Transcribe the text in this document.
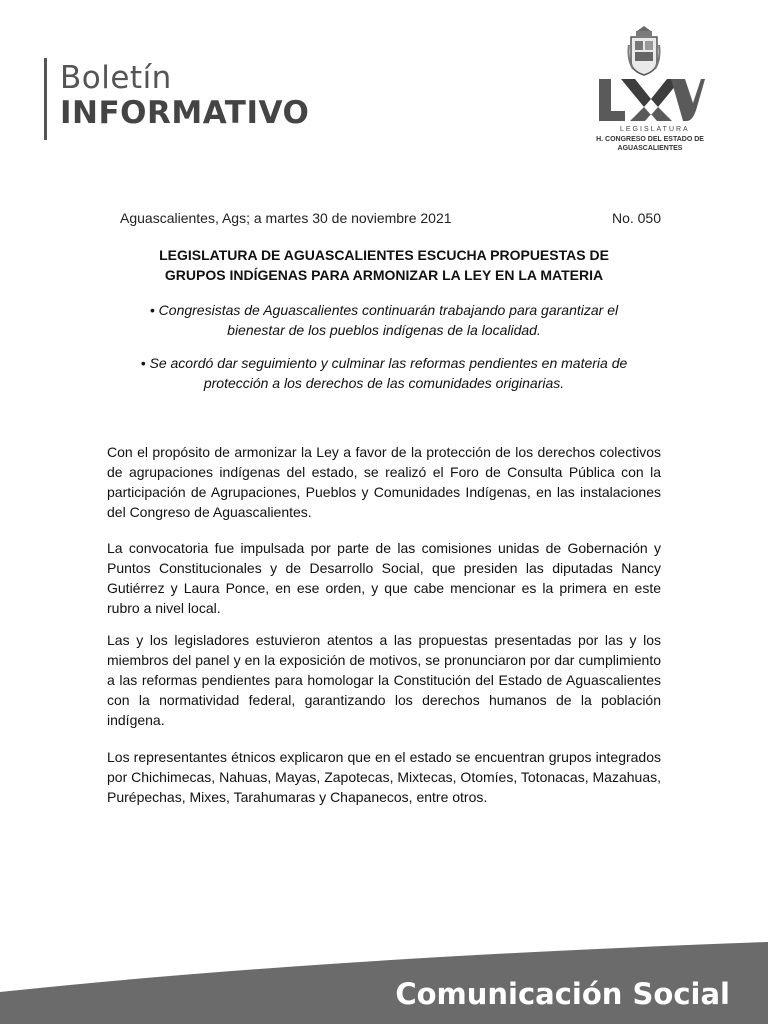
Boletín
INFORMATIVO	LEGISLATURA
H. CONGRESO DEL ESTADO DE
AGUASCALIENTES
Aguascalientes, Ags; a martes 30 de noviembre 2021	No. 050
LEGISLATURA DE AGUASCALIENTES ESCUCHA PROPUESTAS DE
GRUPOS INDÍGENAS PARA ARMONIZAR LA LEY EN LA MATERIA
• Congresistas de Aguascalientes continuarán trabajando para garantizar el
bienestar de los pueblos indígenas de la localidad.
• Se acordó dar seguimiento y culminar las reformas pendientes en materia de
protección a los derechos de las comunidades originarias.

Con el propósito de armonizar la Ley a favor de la protección de los derechos colectivos de agrupaciones indígenas del estado, se realizó el Foro de Consulta Pública con la participación de Agrupaciones, Pueblos y Comunidades Indígenas, en las instalaciones del Congreso de Aguascalientes.

La convocatoria fue impulsada por parte de las comisiones unidas de Gobernación y Puntos Constitucionales y de Desarrollo Social, que presiden las diputadas Nancy Gutiérrez y Laura Ponce, en ese orden, y que cabe mencionar es la primera en este rubro a nivel local.

Las y los legisladores estuvieron atentos a las propuestas presentadas por las y los miembros del panel y en la exposición de motivos, se pronunciaron por dar cumplimiento a las reformas pendientes para homologar la Constitución del Estado de Aguascalientes con la normatividad federal, garantizando los derechos humanos de la población indígena.

Los representantes étnicos explicaron que en el estado se encuentran grupos integrados por Chichimecas, Nahuas, Mayas, Zapotecas, Mixtecas, Otomíes, Totonacas, Mazahuas, Purépechas, Mixes, Tarahumaras y Chapanecos, entre otros.

Comunicación Social
